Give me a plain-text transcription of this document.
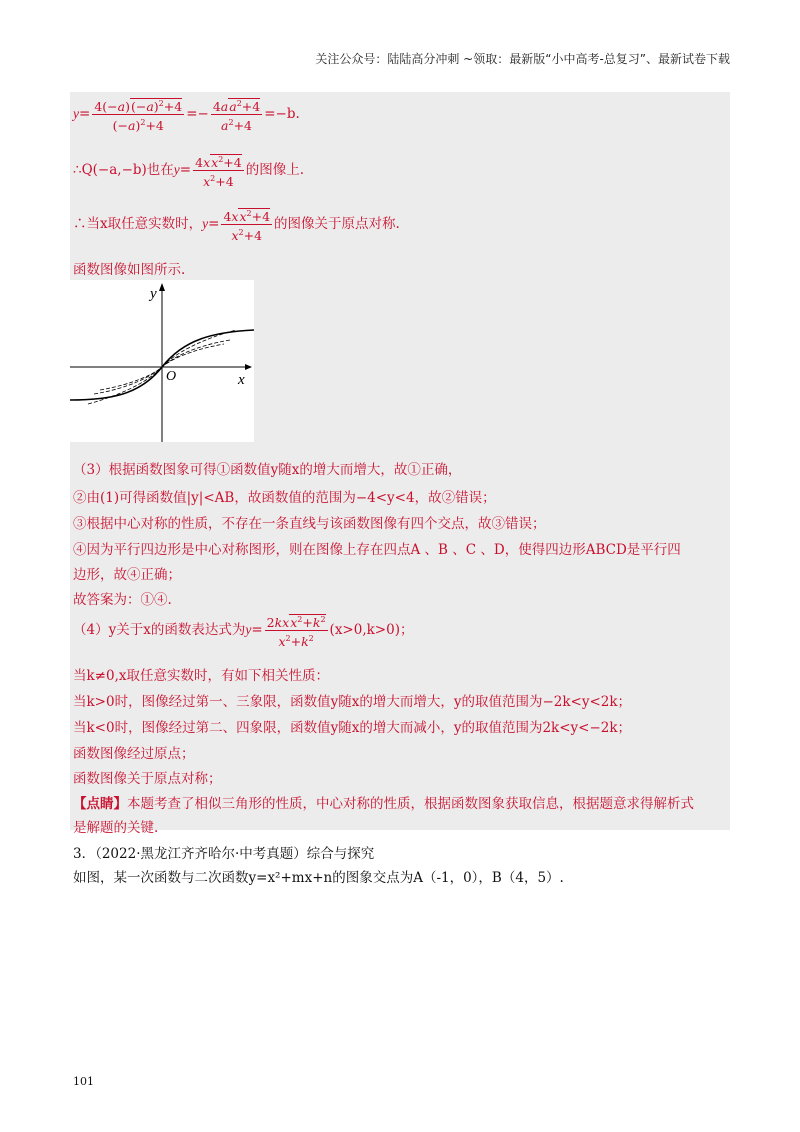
关注公众号：陆陆高分冲刺 ~领取：最新版“小中高考-总复习”、最新试卷下载
$y= \frac{4(-a)(-a)^2+4}{(-a)^2+4} =- \frac{4aa^2+4}{a^2+4} =-b$.
∴Q(−a,−b)也在$y= \frac{4xx^2+4}{x^2+4}$ 的图像上.
∴当x取任意实数时，$y= \frac{4xx^2+4}{x^2+4}$ 的图像关于原点对称.
函数图像如图所示.
y
x
O
（3）根据函数图象可得①函数值y随x的增大而增大，故①正确，
②由(1)可得函数值|y|<AB，故函数值的范围为−4<y<4，故②错误；
③根据中心对称的性质，不存在一条直线与该函数图像有四个交点，故③错误；
④因为平行四边形是中心对称图形，则在图像上存在四点A 、B 、C 、D，使得四边形ABCD是平行四
边形，故④正确；
故答案为：①④.
（4）y关于x的函数表达式为$y= \frac{2kxx^2+k^2}{x^2+k^2} (x>0,k>0)$；
当k≠0,x取任意实数时，有如下相关性质：
当k>0时，图像经过第一、三象限，函数值y随x的增大而增大，y的取值范围为−2k<y<2k；
当k<0时，图像经过第二、四象限，函数值y随x的增大而减小，y的取值范围为2k<y<−2k；
函数图像经过原点；
函数图像关于原点对称；
【点睛】本题考查了相似三角形的性质，中心对称的性质，根据函数图象获取信息，根据题意求得解析式
是解题的关键.
3．（2022·黑龙江齐齐哈尔·中考真题）综合与探究
如图，某一次函数与二次函数y=x²+mx+n的图象交点为A（-1，0），B（4，5）.
101
